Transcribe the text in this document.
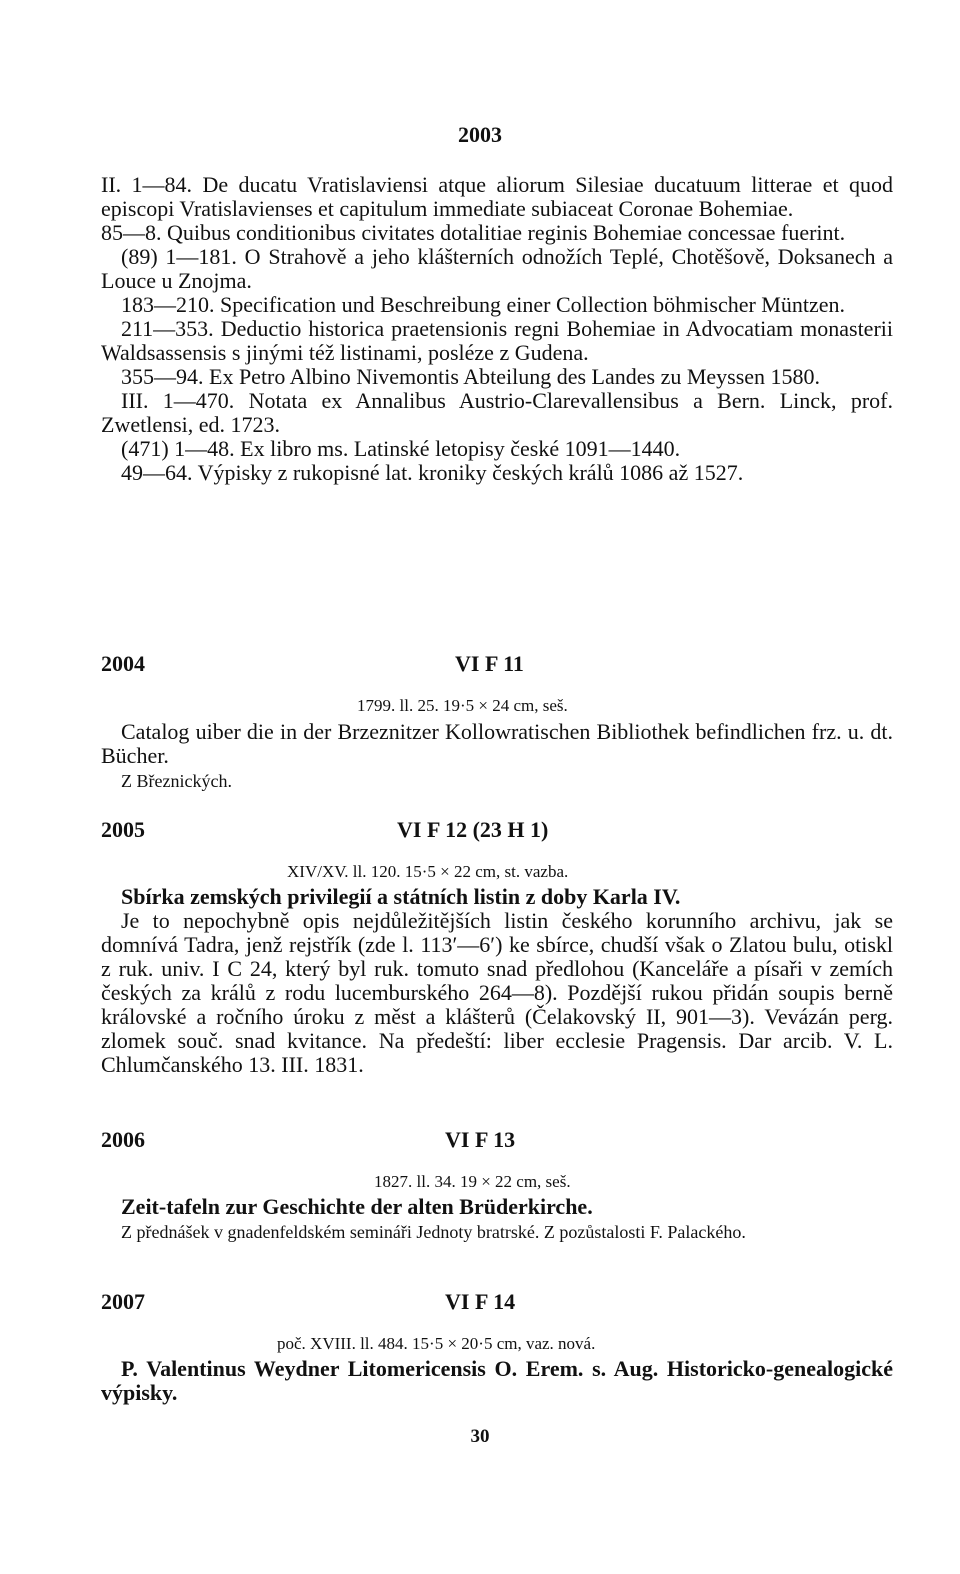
2003

II. 1—84. De ducatu Vratislaviensi atque aliorum Silesiae ducatuum litterae et quod episcopi Vratislavienses et capitulum immediate subiaceat Coronae Bohemiae.

85—8. Quibus conditionibus civitates dotalitiae reginis Bohemiae concessae fuerint.

(89) 1—181. O Strahově a jeho klášterních odnožích Teplé, Chotěšově, Doksanech a Louce u Znojma.

183—210. Specification und Beschreibung einer Collection böhmischer Müntzen.

211—353. Deductio historica praetensionis regni Bohemiae in Advocatiam monasterii Waldsassensis s jinými též listinami, posléze z Gudena.

355—94. Ex Petro Albino Nivemontis Abteilung des Landes zu Meyssen 1580.

III. 1—470. Notata ex Annalibus Austrio-Clarevallensibus a Bern. Linck, prof. Zwetlensi, ed. 1723.

(471) 1—48. Ex libro ms. Latinské letopisy české 1091—1440.

49—64. Výpisky z rukopisné lat. kroniky českých králů 1086 až 1527.

2004	VI F 11
1799. ll. 25. 19·5 × 24 cm, seš.

Catalog uiber die in der Brzeznitzer Kollowratischen Bibliothek befindlichen frz. u. dt. Bücher.

Z Březnických.

2005	VI F 12 (23 H 1)
XIV/XV. ll. 120. 15·5 × 22 cm, st. vazba.

Sbírka zemských privilegií a státních listin z doby Karla IV.

Je to nepochybně opis nejdůležitějších listin českého korunního archivu, jak se domnívá Tadra, jenž rejstřík (zde l. 113′—6′) ke sbírce, chudší však o Zlatou bulu, otiskl z ruk. univ. I C 24, který byl ruk. tomuto snad předlohou (Kanceláře a písaři v zemích českých za králů z rodu lucemburského 264—8). Pozdější rukou přidán soupis berně královské a ročního úroku z měst a klášterů (Čelakovský II, 901—3). Vevázán perg. zlomek souč. snad kvitance. Na předeští: liber ecclesie Pragensis. Dar arcib. V. L. Chlumčanského 13. III. 1831.

2006	VI F 13
1827. ll. 34. 19 × 22 cm, seš.

Zeit-tafeln zur Geschichte der alten Brüderkirche.

Z přednášek v gnadenfeldském semináři Jednoty bratrské. Z pozůstalosti F. Palackého.

2007	VI F 14
poč. XVIII. ll. 484. 15·5 × 20·5 cm, vaz. nová.

P. Valentinus Weydner Litomericensis O. Erem. s. Aug. Historicko-genealogické výpisky.

30
